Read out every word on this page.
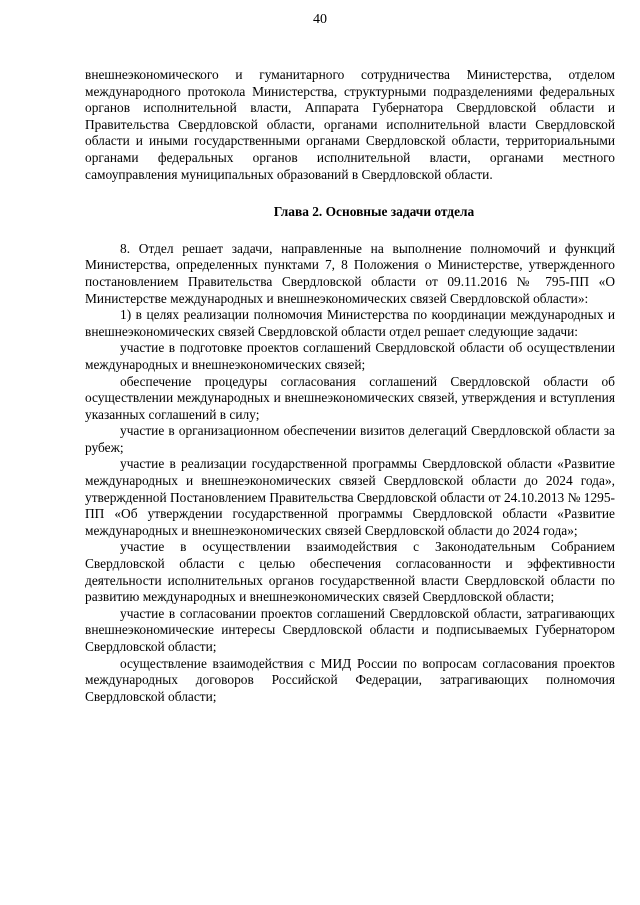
40

внешнеэкономического и гуманитарного сотрудничества Министерства, отделом международного протокола Министерства, структурными подразделениями федеральных органов исполнительной власти, Аппарата Губернатора Свердловской области и Правительства Свердловской области, органами исполнительной власти Свердловской области и иными государственными органами Свердловской области, территориальными органами федеральных органов исполнительной власти, органами местного самоуправления муниципальных образований в Свердловской области.

Глава 2. Основные задачи отдела

8. Отдел решает задачи, направленные на выполнение полномочий и функций Министерства, определенных пунктами 7, 8 Положения о Министерстве, утвержденного постановлением Правительства Свердловской области от 09.11.2016 № 795-ПП «О Министерстве международных и внешнеэкономических связей Свердловской области»:

1) в целях реализации полномочия Министерства по координации международных и внешнеэкономических связей Свердловской области отдел решает следующие задачи:

участие в подготовке проектов соглашений Свердловской области об осуществлении международных и внешнеэкономических связей;

обеспечение процедуры согласования соглашений Свердловской области об осуществлении международных и внешнеэкономических связей, утверждения и вступления указанных соглашений в силу;

участие в организационном обеспечении визитов делегаций Свердловской области за рубеж;

участие в реализации государственной программы Свердловской области «Развитие международных и внешнеэкономических связей Свердловской области до 2024 года», утвержденной Постановлением Правительства Свердловской области от 24.10.2013 № 1295-ПП «Об утверждении государственной программы Свердловской области «Развитие международных и внешнеэкономических связей Свердловской области до 2024 года»;

участие в осуществлении взаимодействия с Законодательным Собранием Свердловской области с целью обеспечения согласованности и эффективности деятельности исполнительных органов государственной власти Свердловской области по развитию международных и внешнеэкономических связей Свердловской области;

участие в согласовании проектов соглашений Свердловской области, затрагивающих внешнеэкономические интересы Свердловской области и подписываемых Губернатором Свердловской области;

осуществление взаимодействия с МИД России по вопросам согласования проектов международных договоров Российской Федерации, затрагивающих полномочия Свердловской области;
